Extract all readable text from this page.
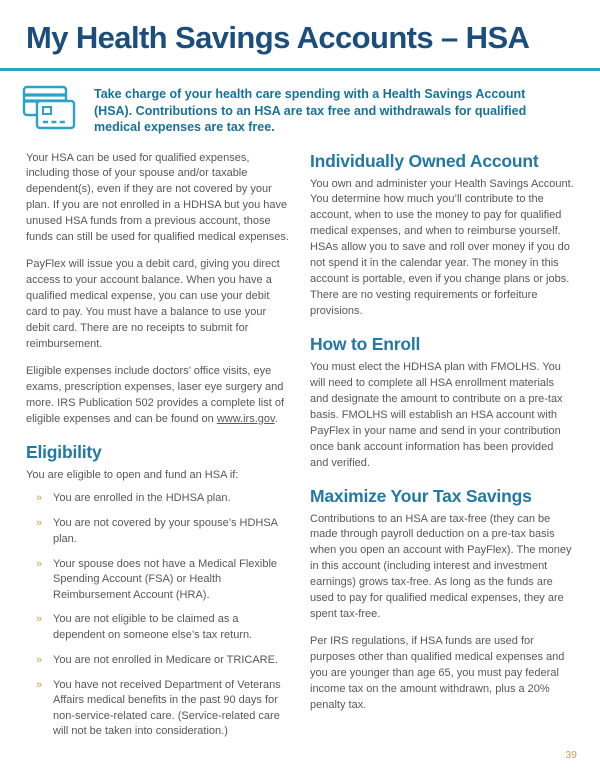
My Health Savings Accounts – HSA
Take charge of your health care spending with a Health Savings Account (HSA). Contributions to an HSA are tax free and withdrawals for qualified medical expenses are tax free.

Your HSA can be used for qualified expenses, including those of your spouse and/or taxable dependent(s), even if they are not covered by your plan. If you are not enrolled in a HDHSA but you have unused HSA funds from a previous account, those funds can still be used for qualified medical expenses.

PayFlex will issue you a debit card, giving you direct access to your account balance. When you have a qualified medical expense, you can use your debit card to pay. You must have a balance to use your debit card. There are no receipts to submit for reimbursement.

Eligible expenses include doctors’ office visits, eye exams, prescription expenses, laser eye surgery and more. IRS Publication 502 provides a complete list of eligible expenses and can be found on www.irs.gov.

Eligibility

You are eligible to open and fund an HSA if:

» You are enrolled in the HDHSA plan.
» You are not covered by your spouse’s HDHSA plan.
» Your spouse does not have a Medical Flexible Spending Account (FSA) or Health Reimbursement Account (HRA).
» You are not eligible to be claimed as a dependent on someone else’s tax return.
» You are not enrolled in Medicare or TRICARE.
» You have not received Department of Veterans Affairs medical benefits in the past 90 days for non-service-related care. (Service-related care will not be taken into consideration.)
Individually Owned Account

You own and administer your Health Savings Account. You determine how much you’ll contribute to the account, when to use the money to pay for qualified medical expenses, and when to reimburse yourself. HSAs allow you to save and roll over money if you do not spend it in the calendar year. The money in this account is portable, even if you change plans or jobs. There are no vesting requirements or forfeiture provisions.

How to Enroll

You must elect the HDHSA plan with FMOLHS. You will need to complete all HSA enrollment materials and designate the amount to contribute on a pre-tax basis. FMOLHS will establish an HSA account with PayFlex in your name and send in your contribution once bank account information has been provided and verified.

Maximize Your Tax Savings

Contributions to an HSA are tax-free (they can be made through payroll deduction on a pre-tax basis when you open an account with PayFlex). The money in this account (including interest and investment earnings) grows tax-free. As long as the funds are used to pay for qualified medical expenses, they are spent tax-free.

Per IRS regulations, if HSA funds are used for purposes other than qualified medical expenses and you are younger than age 65, you must pay federal income tax on the amount withdrawn, plus a 20% penalty tax.

39
